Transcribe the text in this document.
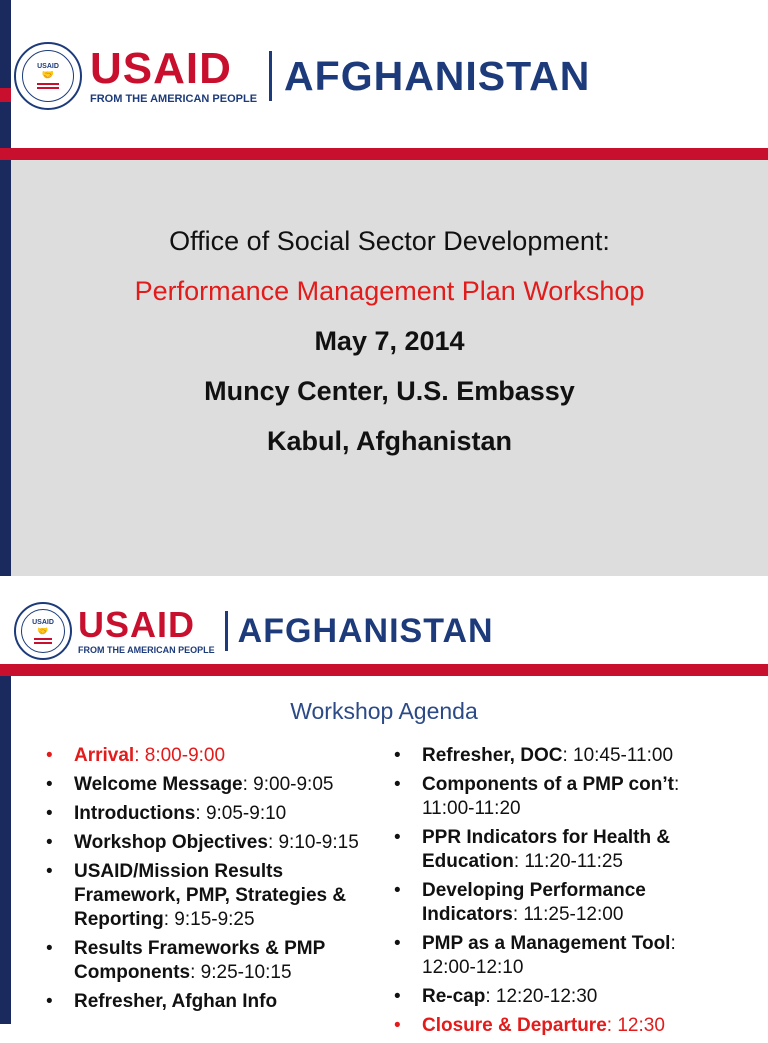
USAID
🤝 USAID
FROM THE AMERICAN PEOPLE AFGHANISTAN
Office of Social Sector Development:
Performance Management Plan Workshop
May 7, 2014
Muncy Center, U.S. Embassy
Kabul, Afghanistan
USAID
🤝 USAID
FROM THE AMERICAN PEOPLE AFGHANISTAN
Workshop Agenda
• Arrival: 8:00-9:00
• Welcome Message: 9:00-9:05
• Introductions: 9:05-9:10
• Workshop Objectives: 9:10-9:15
• USAID/Mission Results Framework, PMP, Strategies & Reporting: 9:15-9:25
• Results Frameworks & PMP Components: 9:25-10:15
• Refresher, Afghan Info
• Refresher, DOC: 10:45-11:00
• Components of a PMP con’t: 11:00-11:20
• PPR Indicators for Health & Education: 11:20-11:25
• Developing Performance Indicators: 11:25-12:00
• PMP as a Management Tool: 12:00-12:10
• Re-cap: 12:20-12:30
• Closure & Departure: 12:30
